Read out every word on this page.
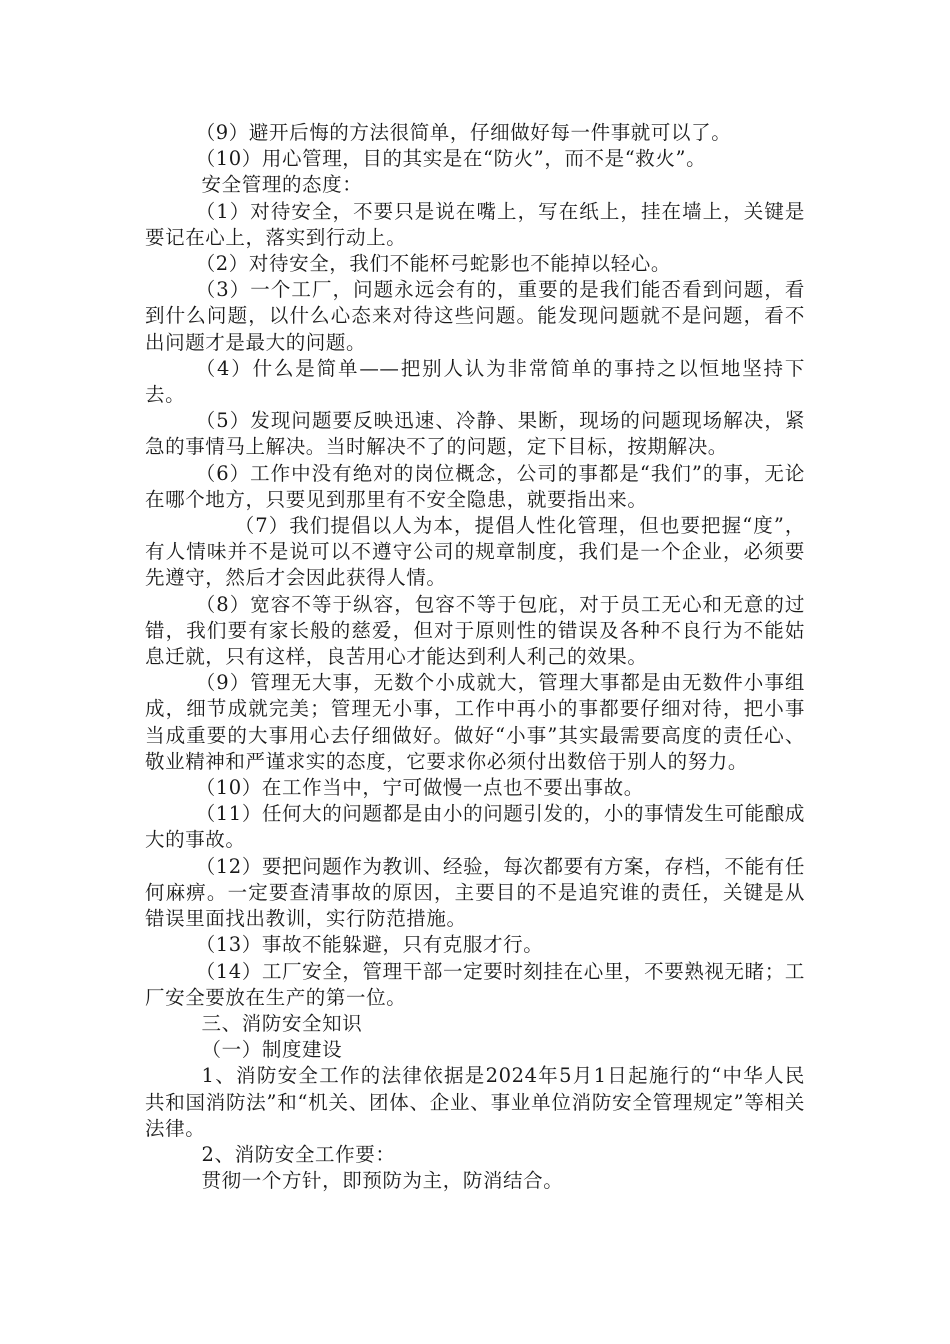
（9）避开后悔的方法很简单，仔细做好每一件事就可以了。

（10）用心管理，目的其实是在“防火”，而不是“救火”。

安全管理的态度：

（1）对待安全，不要只是说在嘴上，写在纸上，挂在墙上，关键是要记在心上，落实到行动上。

（2）对待安全，我们不能杯弓蛇影也不能掉以轻心。

（3）一个工厂，问题永远会有的，重要的是我们能否看到问题，看到什么问题，以什么心态来对待这些问题。能发现问题就不是问题，看不出问题才是最大的问题。

（4）什么是简单——把别人认为非常简单的事持之以恒地坚持下去。

（5）发现问题要反映迅速、冷静、果断，现场的问题现场解决，紧急的事情马上解决。当时解决不了的问题，定下目标，按期解决。

（6）工作中没有绝对的岗位概念，公司的事都是“我们”的事，无论在哪个地方，只要见到那里有不安全隐患，就要指出来。

（7）我们提倡以人为本，提倡人性化管理，但也要把握“度”，有人情味并不是说可以不遵守公司的规章制度，我们是一个企业，必须要先遵守，然后才会因此获得人情。

（8）宽容不等于纵容，包容不等于包庇，对于员工无心和无意的过错，我们要有家长般的慈爱，但对于原则性的错误及各种不良行为不能姑息迁就，只有这样，良苦用心才能达到利人利己的效果。

（9）管理无大事，无数个小成就大，管理大事都是由无数件小事组成，细节成就完美；管理无小事，工作中再小的事都要仔细对待，把小事当成重要的大事用心去仔细做好。做好“小事”其实最需要高度的责任心、敬业精神和严谨求实的态度，它要求你必须付出数倍于别人的努力。

（10）在工作当中，宁可做慢一点也不要出事故。

（11）任何大的问题都是由小的问题引发的，小的事情发生可能酿成大的事故。

（12）要把问题作为教训、经验，每次都要有方案，存档，不能有任何麻痹。一定要查清事故的原因，主要目的不是追究谁的责任，关键是从错误里面找出教训，实行防范措施。

（13）事故不能躲避，只有克服才行。

（14）工厂安全，管理干部一定要时刻挂在心里，不要熟视无睹；工厂安全要放在生产的第一位。

三、消防安全知识

（一）制度建设

1、消防安全工作的法律依据是2024年5月1日起施行的“中华人民共和国消防法”和“机关、团体、企业、事业单位消防安全管理规定”等相关法律。

2、消防安全工作要：

贯彻一个方针，即预防为主，防消结合。
